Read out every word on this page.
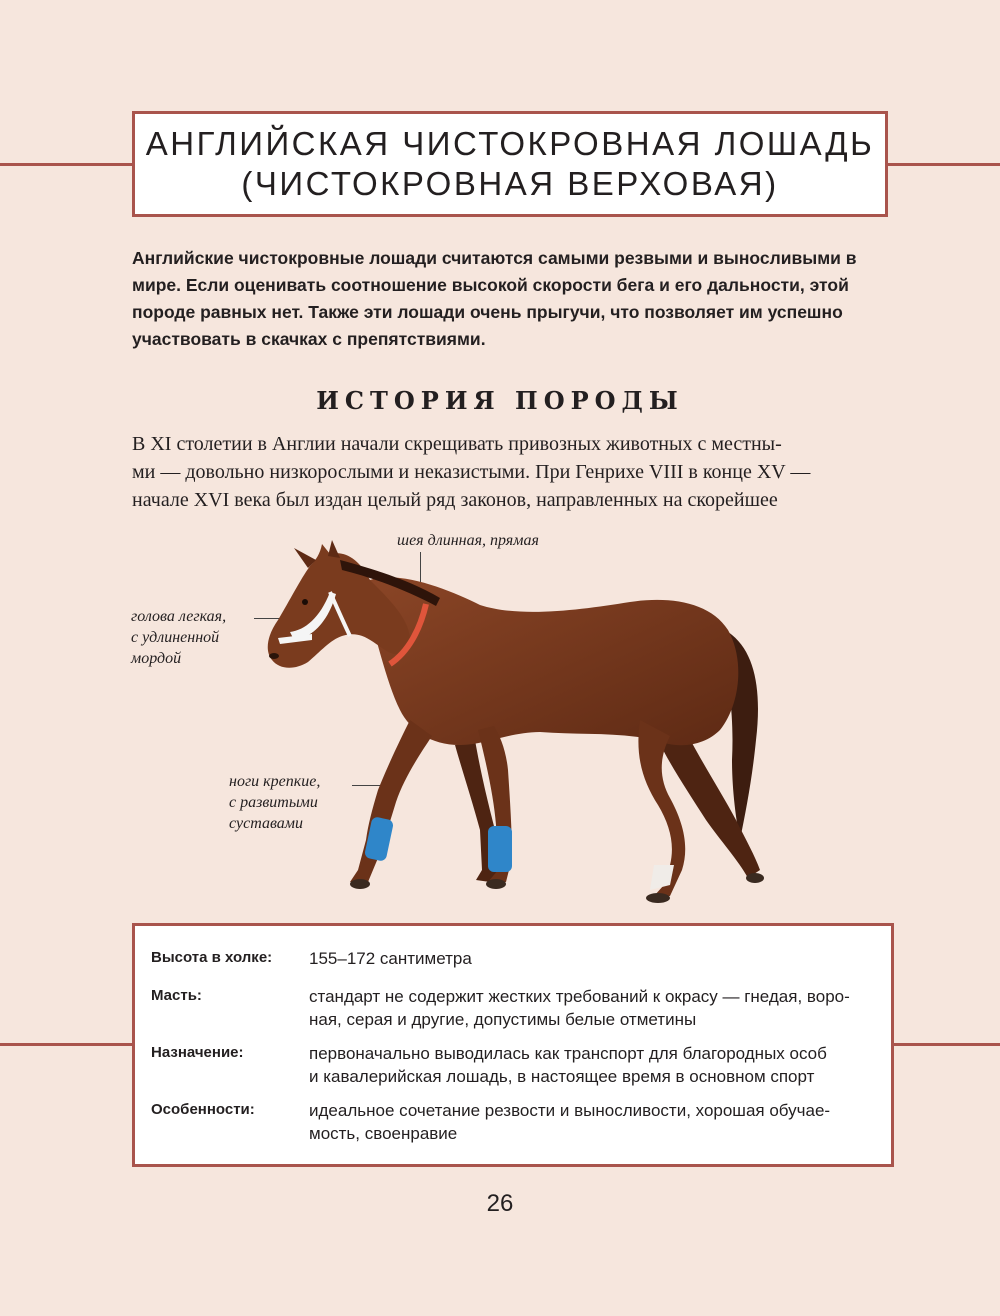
АНГЛИЙСКАЯ ЧИСТОКРОВНАЯ ЛОШАДЬ
(ЧИСТОКРОВНАЯ ВЕРХОВАЯ)
Английские чистокровные лошади считаются самыми резвыми и выносливыми в мире. Если оценивать соотношение высокой скорости бега и его дальности, этой породе равных нет. Также эти лошади очень прыгучи, что позволяет им успешно участвовать в скачках с препятствиями.
ИСТОРИЯ ПОРОДЫ
В XI столетии в Англии начали скрещивать привозных животных с местны-
ми — довольно низкорослыми и неказистыми. При Генрихе VIII в конце XV —
начале XVI века был издан целый ряд законов, направленных на скорейшее
шея длинная, прямая
голова легкая,
с удлиненной
мордой
ноги крепкие,
с развитыми
суставами
Высота в холке:	155–172 сантиметра
Масть:	стандарт не содержит жестких требований к окрасу — гнедая, воро-
ная, серая и другие, допустимы белые отметины
Назначение:	первоначально выводилась как транспорт для благородных особ
и кавалерийская лошадь, в настоящее время в основном спорт
Особенности:	идеальное сочетание резвости и выносливости, хорошая обучае-
мость, своенравие
26
